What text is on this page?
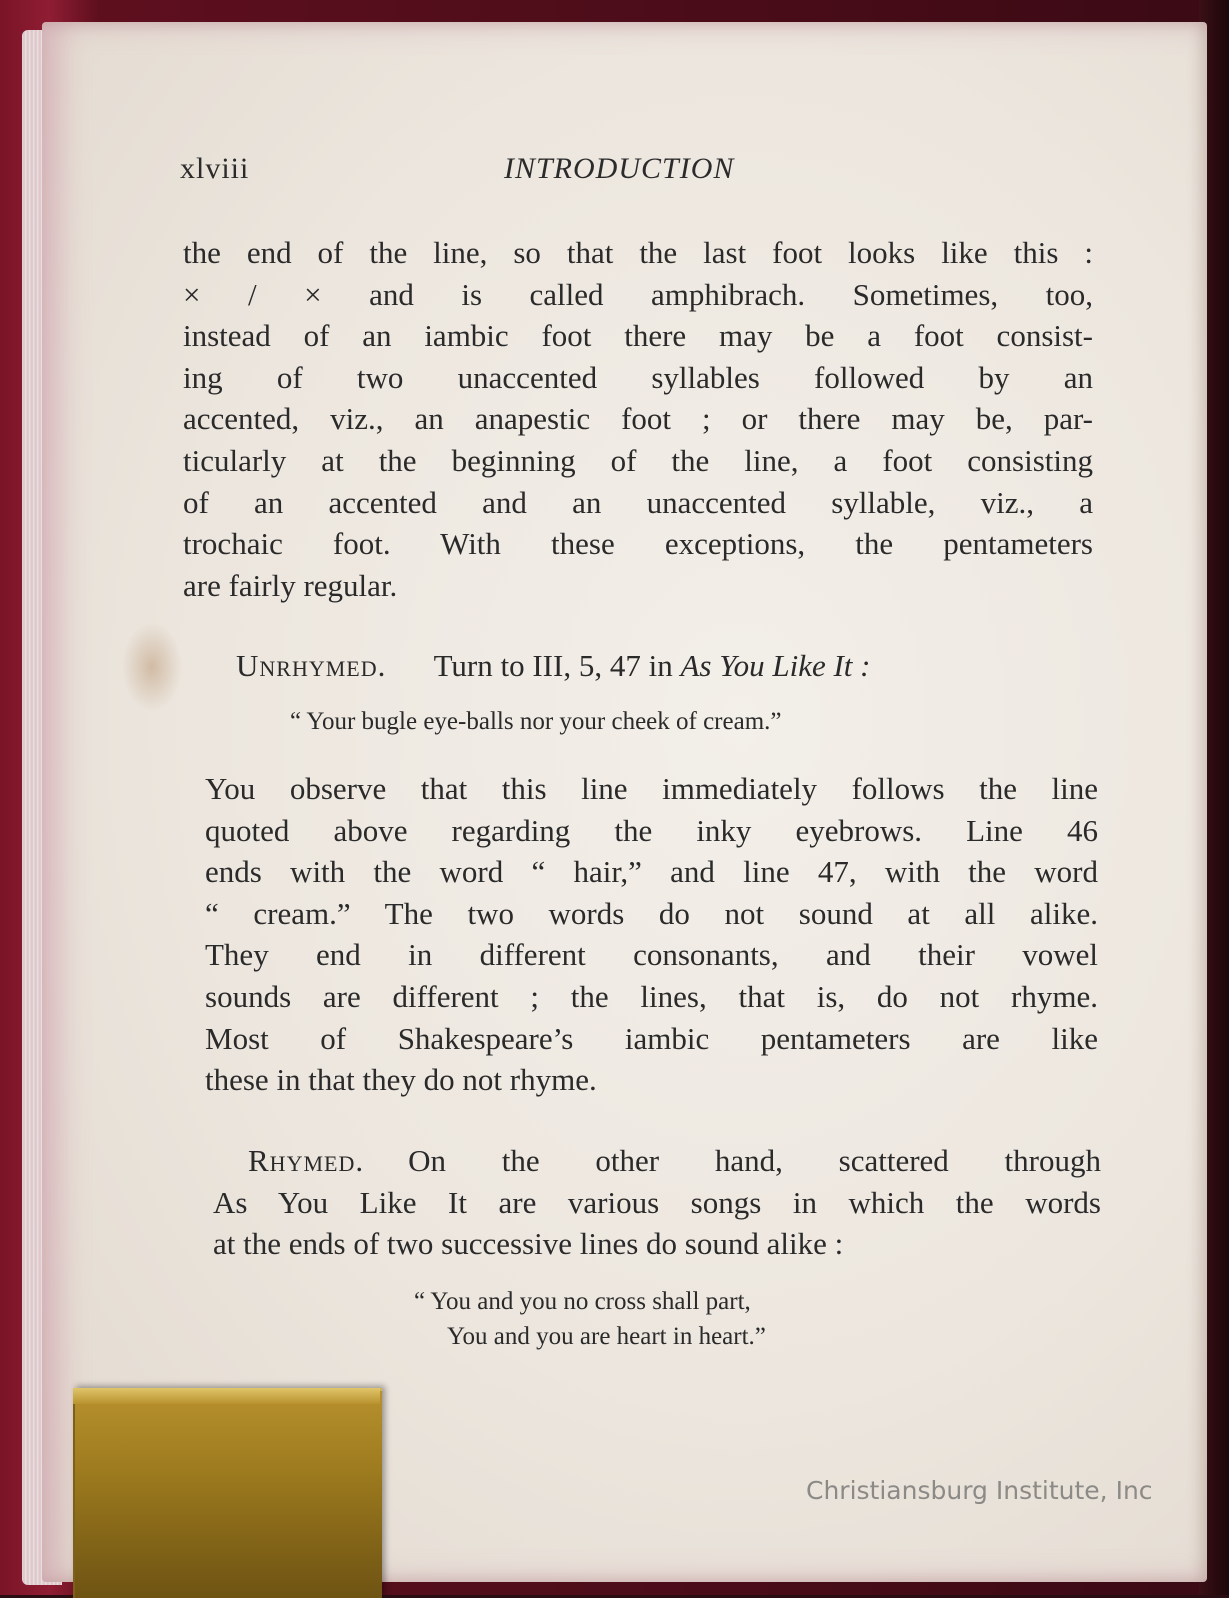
xlviii	INTRODUCTION

the end of the line, so that the last foot looks like this :

× / × and is called amphibrach. Sometimes, too,

instead of an iambic foot there may be a foot consist-

ing of two unaccented syllables followed by an

accented, viz., an anapestic foot ; or there may be, par-

ticularly at the beginning of the line, a foot consisting

of an accented and an unaccented syllable, viz., a

trochaic foot. With these exceptions, the pentameters

are fairly regular.

Unrhymed. Turn to III, 5, 47 in As You Like It :
“ Your bugle eye-balls nor your cheek of cream.”

You observe that this line immediately follows the line

quoted above regarding the inky eyebrows. Line 46

ends with the word “ hair,” and line 47, with the word

“ cream.” The two words do not sound at all alike.

They end in different consonants, and their vowel

sounds are different ; the lines, that is, do not rhyme.

Most of Shakespeare’s iambic pentameters are like

these in that they do not rhyme.

Rhymed. On the other hand, scattered through

As You Like It are various songs in which the words

at the ends of two successive lines do sound alike :

“ You and you no cross shall part,
You and you are heart in heart.”
Christiansburg Institute, Inc
